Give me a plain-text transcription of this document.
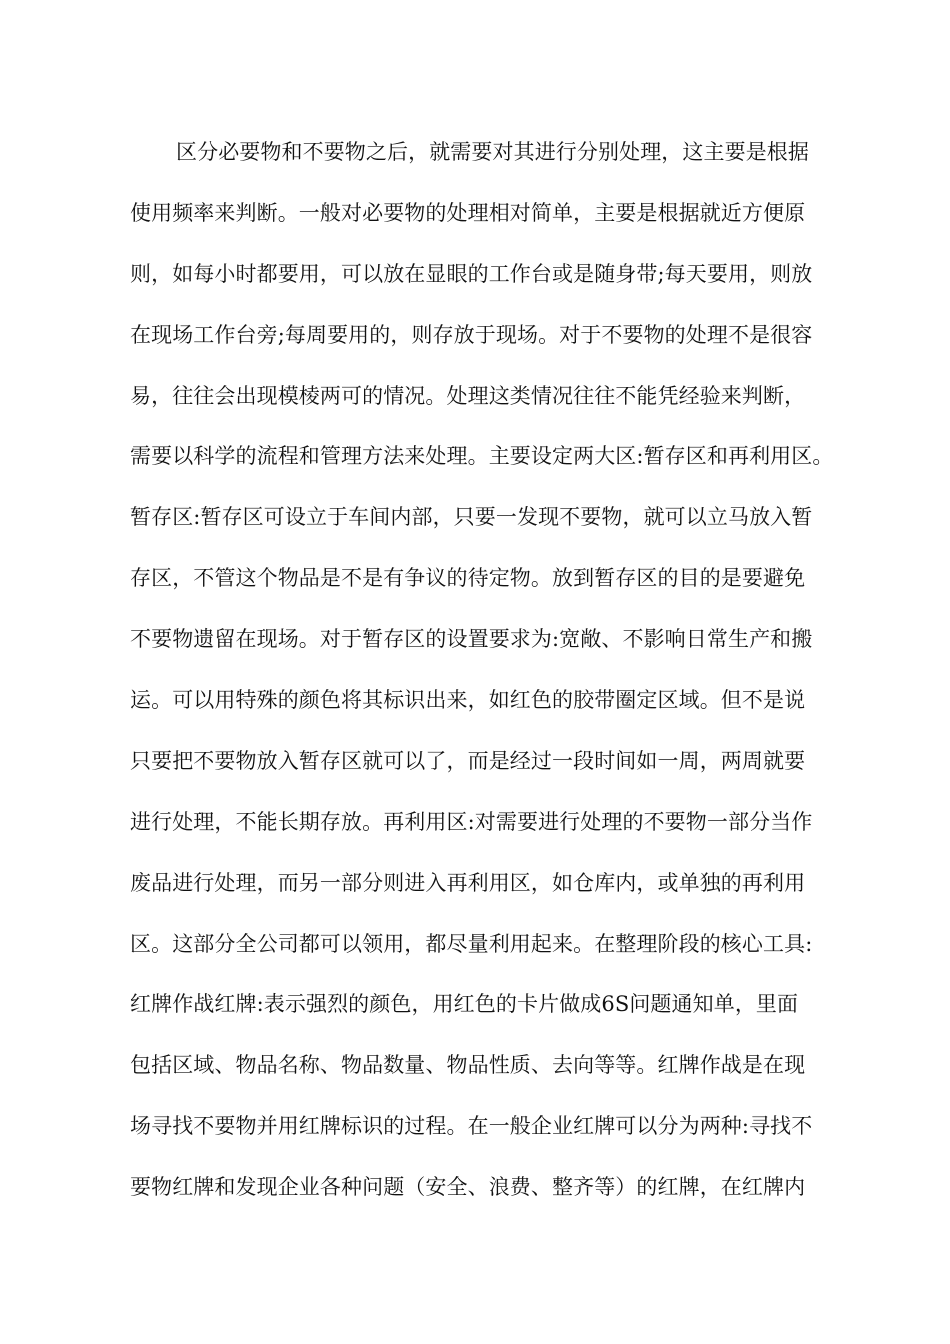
区分必要物和不要物之后，就需要对其进行分别处理，这主要是根据
使用频率来判断。一般对必要物的处理相对简单，主要是根据就近方便原
则，如每小时都要用，可以放在显眼的工作台或是随身带;每天要用，则放
在现场工作台旁;每周要用的，则存放于现场。对于不要物的处理不是很容
易，往往会出现模棱两可的情况。处理这类情况往往不能凭经验来判断，
需要以科学的流程和管理方法来处理。主要设定两大区:暂存区和再利用区。
暂存区:暂存区可设立于车间内部，只要一发现不要物，就可以立马放入暂
存区，不管这个物品是不是有争议的待定物。放到暂存区的目的是要避免
不要物遗留在现场。对于暂存区的设置要求为:宽敞、不影响日常生产和搬
运。可以用特殊的颜色将其标识出来，如红色的胶带圈定区域。但不是说
只要把不要物放入暂存区就可以了，而是经过一段时间如一周，两周就要
进行处理，不能长期存放。再利用区:对需要进行处理的不要物一部分当作
废品进行处理，而另一部分则进入再利用区，如仓库内，或单独的再利用
区。这部分全公司都可以领用，都尽量利用起来。在整理阶段的核心工具:
红牌作战红牌:表示强烈的颜色，用红色的卡片做成6S问题通知单，里面
包括区域、物品名称、物品数量、物品性质、去向等等。红牌作战是在现
场寻找不要物并用红牌标识的过程。在一般企业红牌可以分为两种:寻找不
要物红牌和发现企业各种问题（安全、浪费、整齐等）的红牌，在红牌内
